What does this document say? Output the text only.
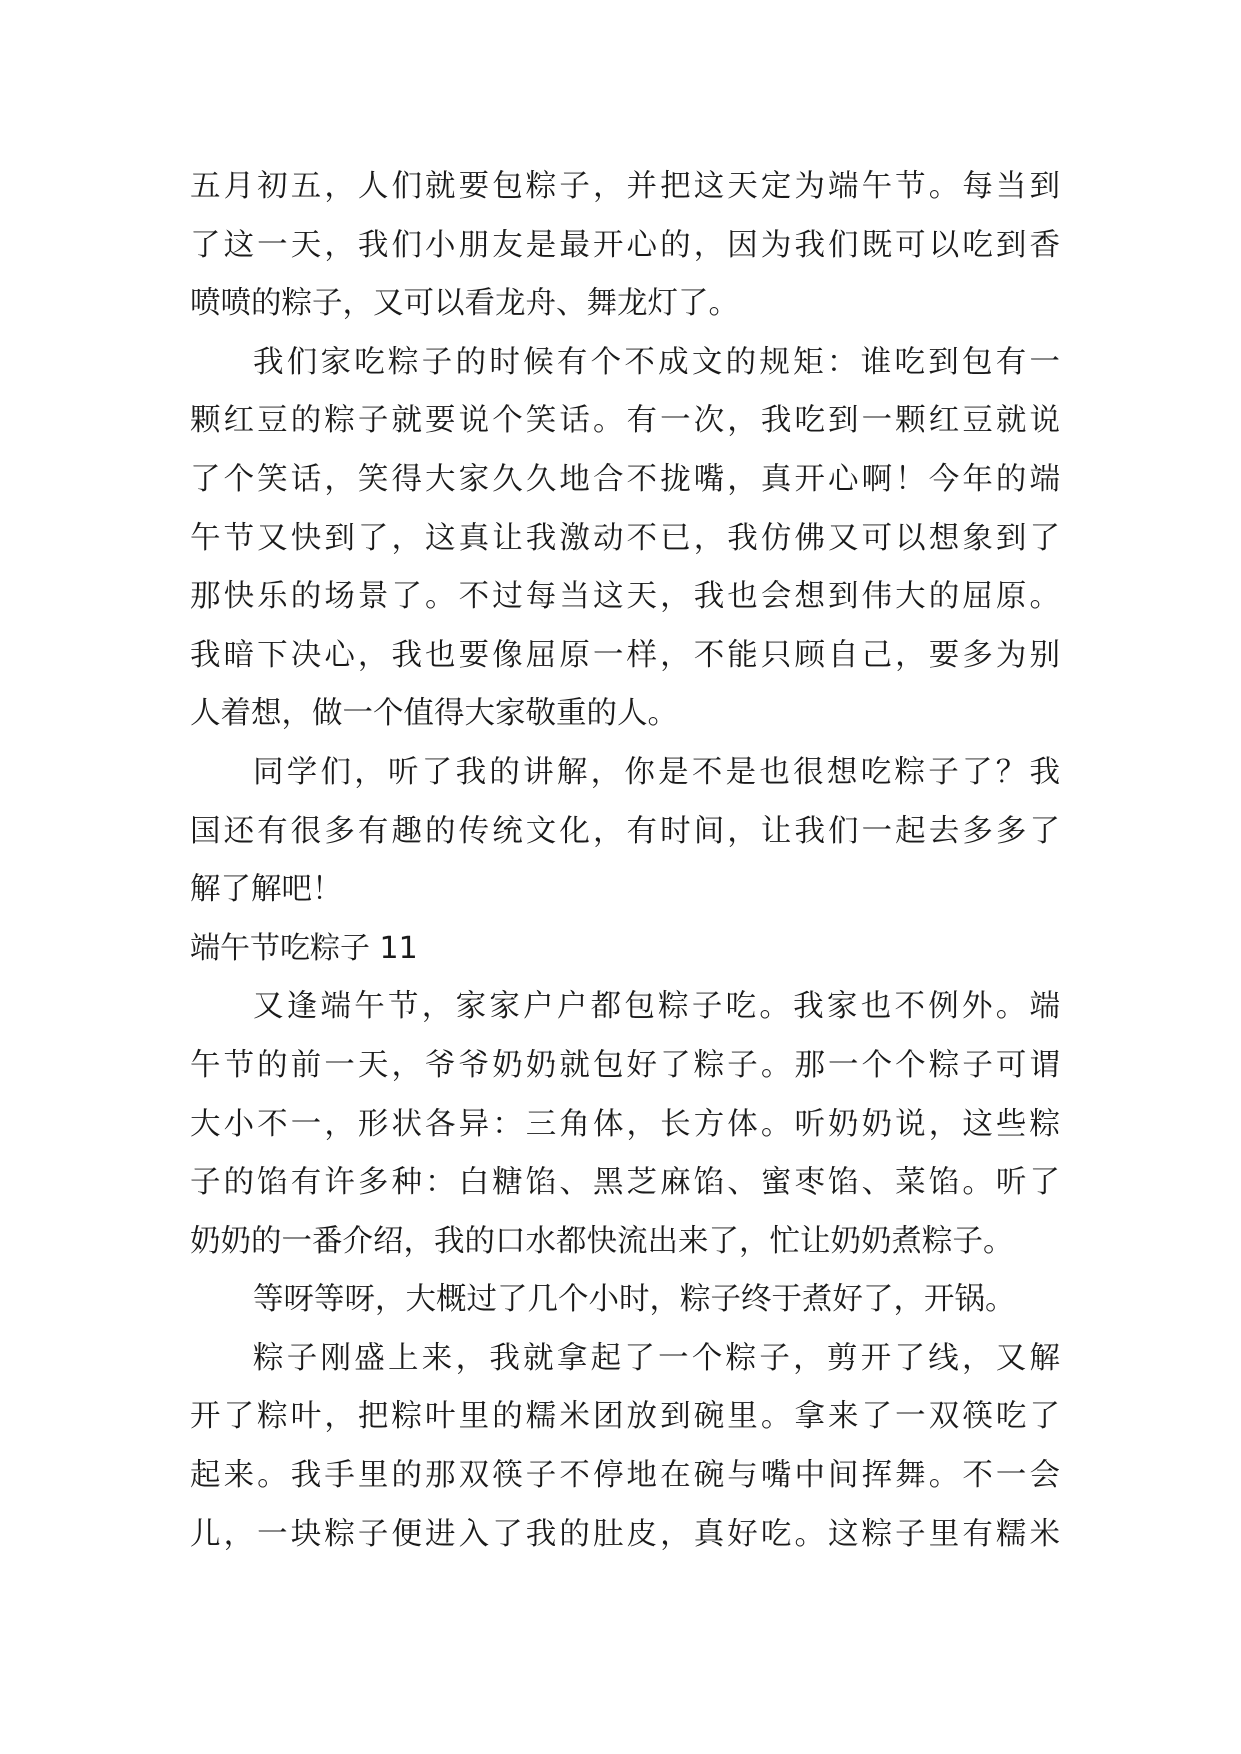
五月初五，人们就要包粽子，并把这天定为端午节。每当到
了这一天，我们小朋友是最开心的，因为我们既可以吃到香
喷喷的粽子，又可以看龙舟、舞龙灯了。
我们家吃粽子的时候有个不成文的规矩：谁吃到包有一
颗红豆的粽子就要说个笑话。有一次，我吃到一颗红豆就说
了个笑话，笑得大家久久地合不拢嘴，真开心啊！今年的端
午节又快到了，这真让我激动不已，我仿佛又可以想象到了
那快乐的场景了。不过每当这天，我也会想到伟大的屈原。
我暗下决心，我也要像屈原一样，不能只顾自己，要多为别
人着想，做一个值得大家敬重的人。
同学们，听了我的讲解，你是不是也很想吃粽子了？我
国还有很多有趣的传统文化，有时间，让我们一起去多多了
解了解吧！
端午节吃粽子 11
又逢端午节，家家户户都包粽子吃。我家也不例外。端
午节的前一天，爷爷奶奶就包好了粽子。那一个个粽子可谓
大小不一，形状各异：三角体，长方体。听奶奶说，这些粽
子的馅有许多种：白糖馅、黑芝麻馅、蜜枣馅、菜馅。听了
奶奶的一番介绍，我的口水都快流出来了，忙让奶奶煮粽子。
等呀等呀，大概过了几个小时，粽子终于煮好了，开锅。
粽子刚盛上来，我就拿起了一个粽子，剪开了线，又解
开了粽叶，把粽叶里的糯米团放到碗里。拿来了一双筷吃了
起来。我手里的那双筷子不停地在碗与嘴中间挥舞。不一会
儿，一块粽子便进入了我的肚皮，真好吃。这粽子里有糯米
